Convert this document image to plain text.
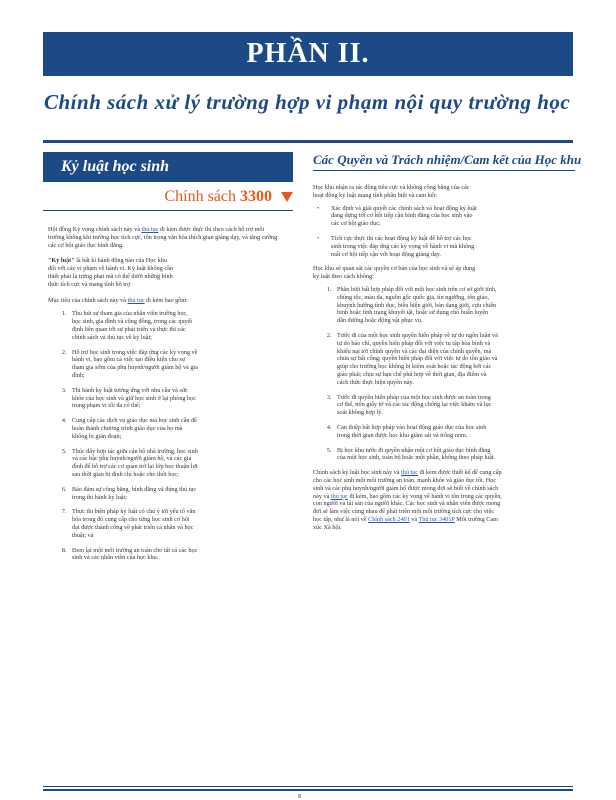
PHẦN II.
Chính sách xử lý trường hợp vi phạm nội quy trường học
Kỷ luật học sinh
Chính sách 3300

Hội đồng Kỷ vọng chính sách này và thủ tục đi kèm được thực thi theo cách hỗ trợ môi trường không khí trường học tích cực, tôn trọng văn hóa thích gian giảng dạy, và tăng cường các cơ hội giáo dục bình đẳng.

"Kỷ luật" là bất kì hành động nào của Học khu đối với các vi phạm về hành vi. Kỷ luật không cần thiết phải là trừng phạt mà có thể dưới những hình thức tích cực và mang tính hỗ trợ.

Mục tiêu của chính sách này và thủ tục đi kèm bao gồm:

1. Thu hút sự tham gia của nhân viên trường học, học sinh, gia đình và cộng đồng, trong các quyết định liên quan tới sự phát triển và thực thi các chính sách và thủ tục về kỷ luật;
2. Hỗ trợ học sinh trong việc đáp ứng các kỳ vọng về hành vi, bao gồm cả việc tạo điều kiện cho sự tham gia sớm của phụ huynh/người giám hộ và gia đình;
3. Thi hành kỷ luật tương ứng với nhu cầu và sức khỏe của học sinh và giữ học sinh ở lại phòng học trong phạm vi tối đa có thể;
4. Cung cấp các dịch vụ giáo dục mà học sinh cần để hoàn thành chương trình giáo dục của họ mà không bị gián đoạn;
5. Thúc đẩy hợp tác giữa cán bộ nhà trường, học sinh và các bậc phụ huynh/người giám hộ, và các gia đình để hỗ trợ các cơ quan trở lại lớp học thuận lợi sau thời gian bị đình chỉ hoặc cho thôi học;
6. Bảo đảm sự công bằng, bình đẳng và đúng thủ tục trong thi hành kỷ luật;
7. Thực thi biện pháp kỷ luật có chú ý tới yếu tố văn hóa trong đó cung cấp cho từng học sinh cơ hội đạt được thành công về phát triển cá nhân và học thuật; và
8. Đem lại một môi trường an toàn cho tất cả các học sinh và các nhân viên của học khu.
Các Quyền và Trách nhiệm/Cam kết của Học khu

Học khu nhận ra tác động tiêu cực và không công bằng của các hoạt động kỷ luật mang tính phân biệt và cam kết:

• Xác định và giải quyết các chính sách và hoạt động kỷ luật dang dựng tới cơ hội tiếp cận bình đẳng của học sinh vào các cơ hội giáo dục;
• Tích cực thực thi các hoạt động kỷ luật để hỗ trợ các học sinh trong việc đáp ứng các kỳ vọng về hành vi mà không mất cơ hội tiếp cận với hoạt động giảng dạy.

Học khu sẽ quan sát các quyền cơ bản của học sinh và sẽ áp dụng kỷ luật theo cách không:

1. Phân biệt bất hợp pháp đối với một học sinh trên cơ sở giới tính, chủng tộc, màu da, nguồn gốc quốc gia, tín ngưỡng, tôn giáo, khuynh hướng tình dục, biểu hiện giới, bản dạng giới, cựu chiến binh hoặc tình trạng khuyết tật, hoặc sử dụng chó huấn luyện dẫn đường hoặc động vật phục vụ.
2. Tước đi của một học sinh quyền hiến pháp về tự do ngôn luận và tự do báo chí, quyền hiến pháp đối với việc tụ tập hòa bình và khiếu nại tới chính quyền và các đại diện của chính quyền, mà chưa sự bất công; quyền hiến pháp đối với việc tự do tôn giáo và giúp cho trường học không bị kiểm soát hoặc tác động bởi các giáo phái; chịu sự hạn chế phù hợp về thời gian, địa điểm và cách thức thực hiện quyền này.
3. Tước đi quyền hiến pháp của một học sinh được an toàn trong cơ thể, trên giấy tờ và các tác động chống lại việc khám và lục soát không hợp lý.
4. Can thiệp bất hợp pháp vào hoạt động giáo dục của học sinh trong thời gian được học khu giám sát và trông nom.
5. Bị học khu tước đi quyền nhận một cơ hội giáo dục bình đẳng của một học sinh, toàn bộ hoặc một phần, không theo pháp luật.

Chính sách kỷ luật học sinh này và thủ tục đi kèm được thiết kế để cung cấp cho các học sinh một môi trường an toàn, mạnh khỏe và giáo dục tốt. Học sinh và các phụ huynh/người giám hộ được mong đợi sẽ biết về chính sách này và thủ tục đi kèm, bao gồm các kỳ vọng về hành vi tôn trọng các quyền, con người và tài sản của người khác. Các học sinh và nhân viên được mong đợi sẽ làm việc cùng nhau để phát triển một môi trường tích cực cho việc học tập, như là nói về Chính sách 2401 và Thủ tục 3401P Môi trường Cam xúc Xã hội.

8
